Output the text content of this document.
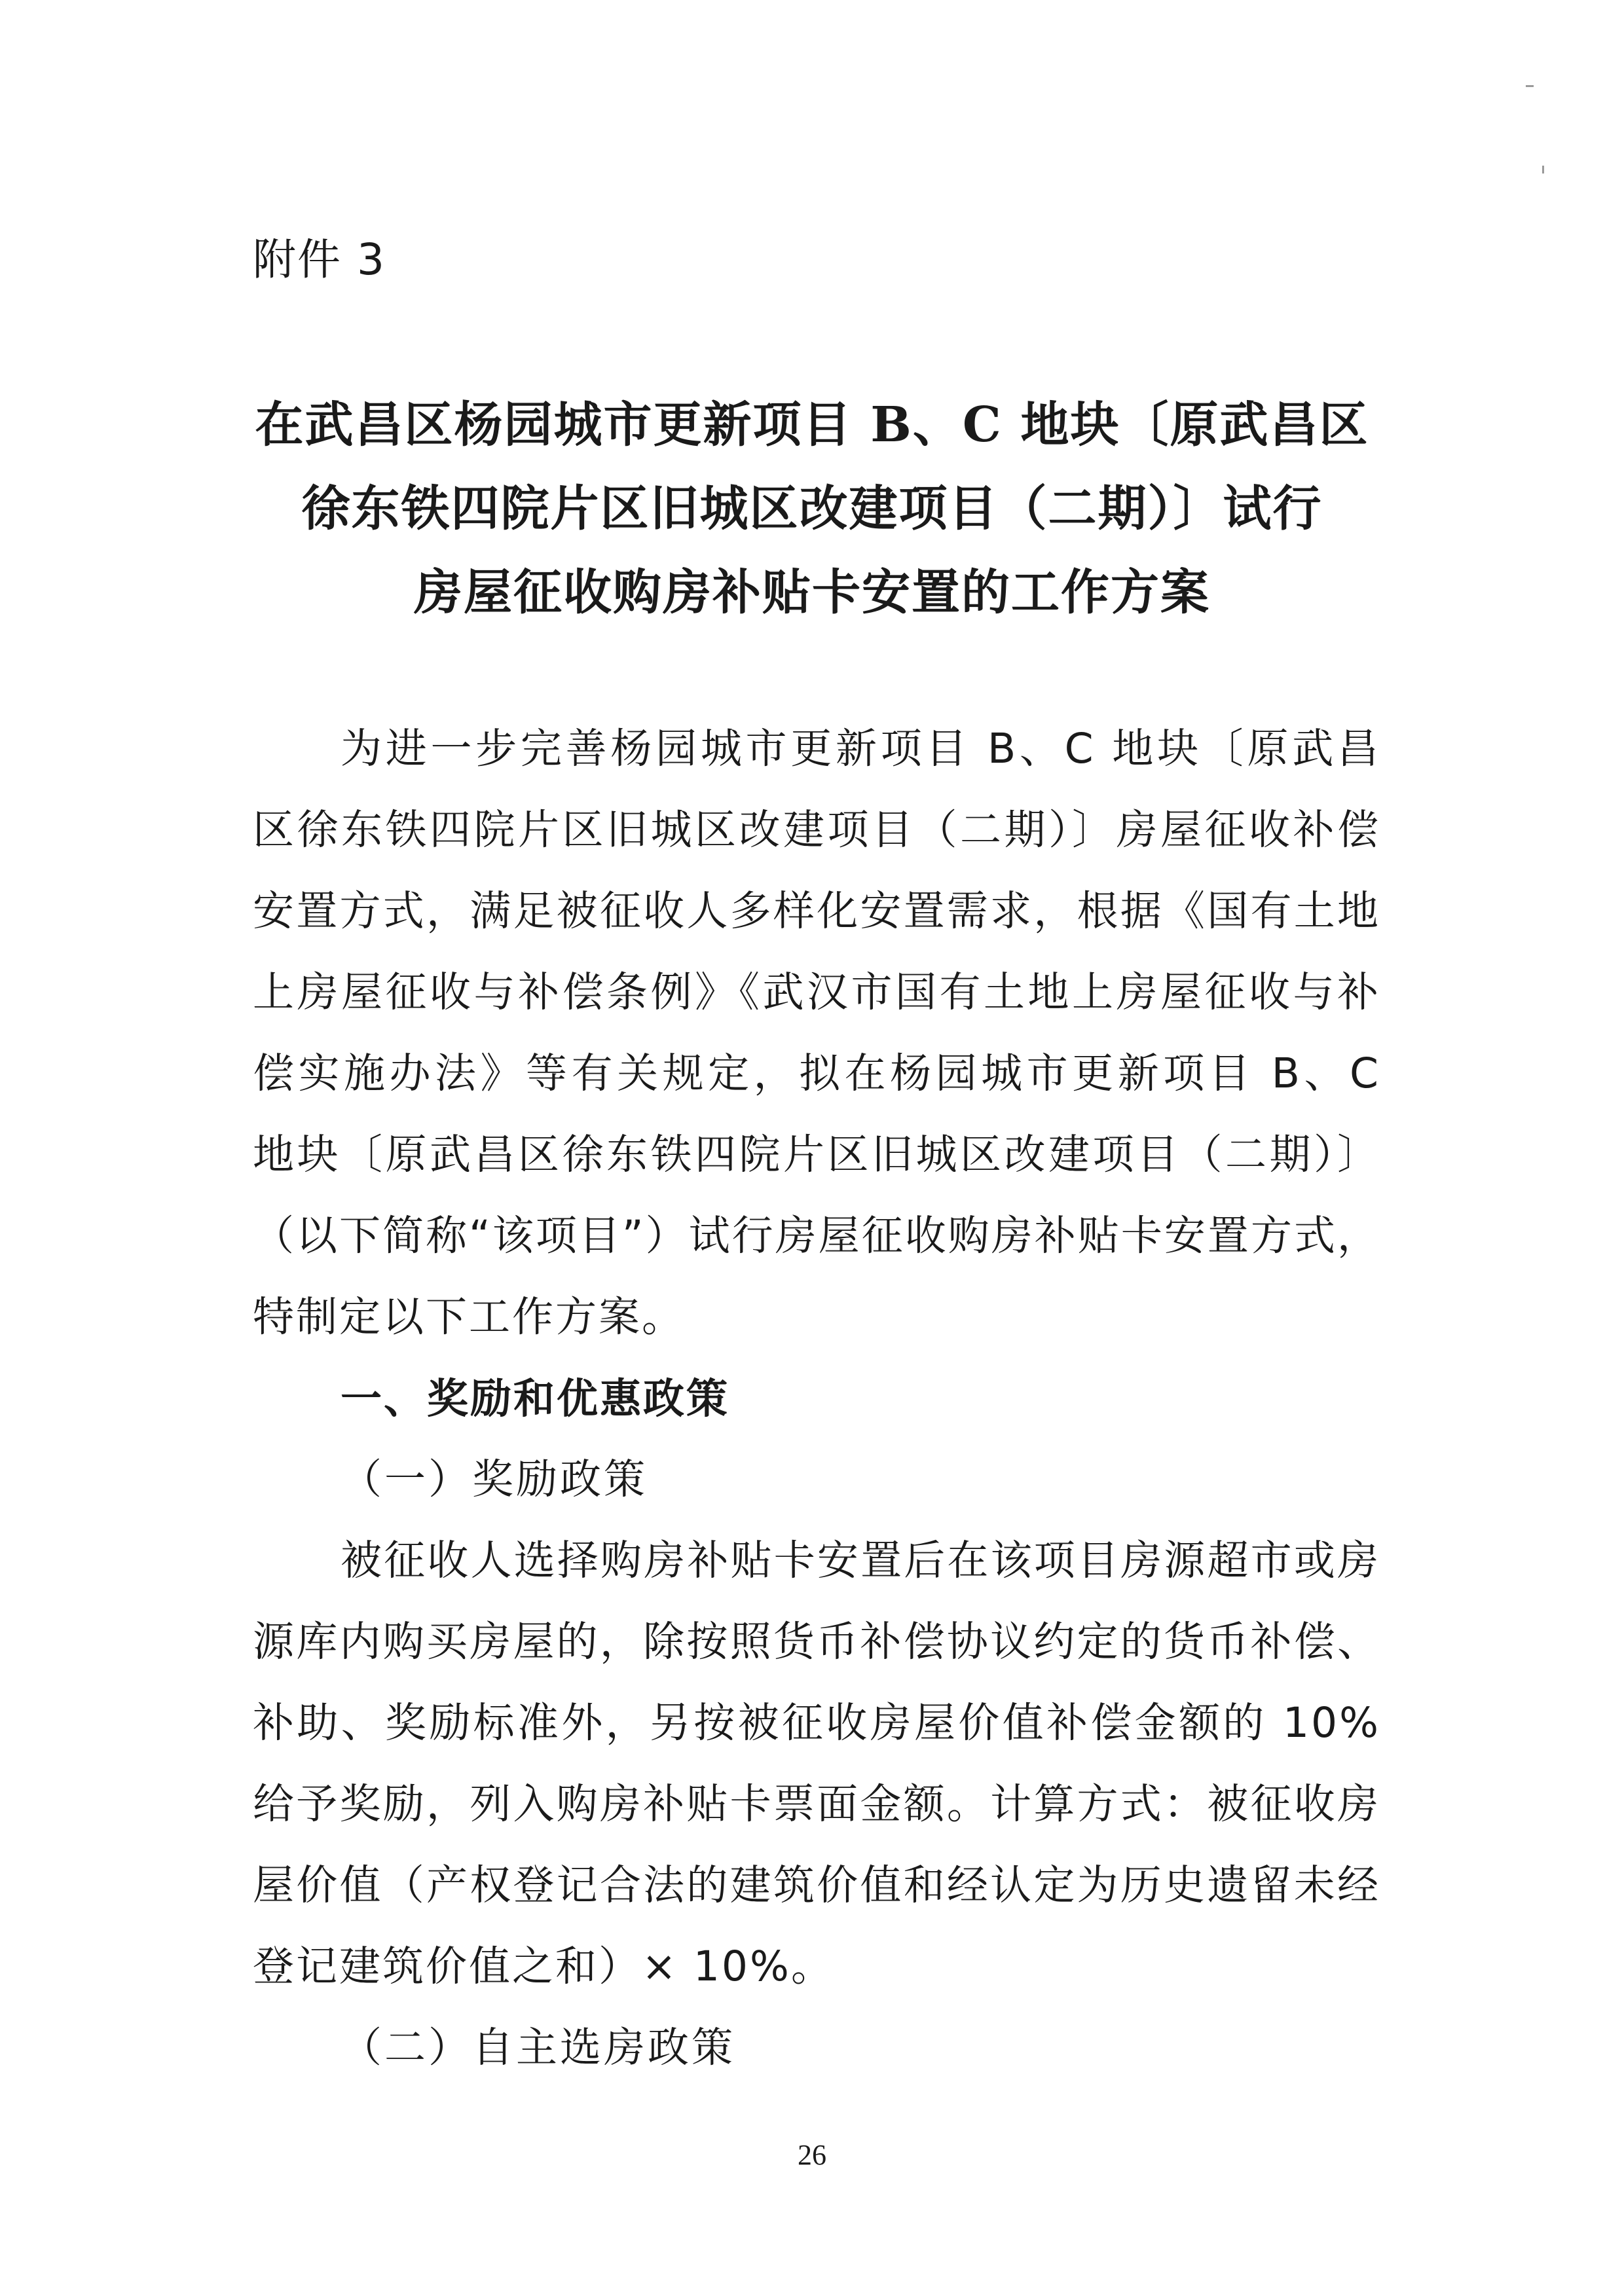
附件 3
在武昌区杨园城市更新项目 B、C 地块〔原武昌区
徐东铁四院片区旧城区改建项目（二期）〕试行
房屋征收购房补贴卡安置的工作方案
为进一步完善杨园城市更新项目 B、C 地块〔原武昌区徐东铁四院片区旧城区改建项目（二期）〕房屋征收补偿安置方式，满足被征收人多样化安置需求，根据《国有土地上房屋征收与补偿条例》《武汉市国有土地上房屋征收与补偿实施办法》等有关规定，拟在杨园城市更新项目 B、C 地块〔原武昌区徐东铁四院片区旧城区改建项目（二期）〕（以下简称“该项目”）试行房屋征收购房补贴卡安置方式，特制定以下工作方案。
一、奖励和优惠政策
（一）奖励政策
被征收人选择购房补贴卡安置后在该项目房源超市或房源库内购买房屋的，除按照货币补偿协议约定的货币补偿、补助、奖励标准外，另按被征收房屋价值补偿金额的 10% 给予奖励，列入购房补贴卡票面金额。计算方式：被征收房屋价值（产权登记合法的建筑价值和经认定为历史遗留未经登记建筑价值之和）× 10%。
（二）自主选房政策
26
